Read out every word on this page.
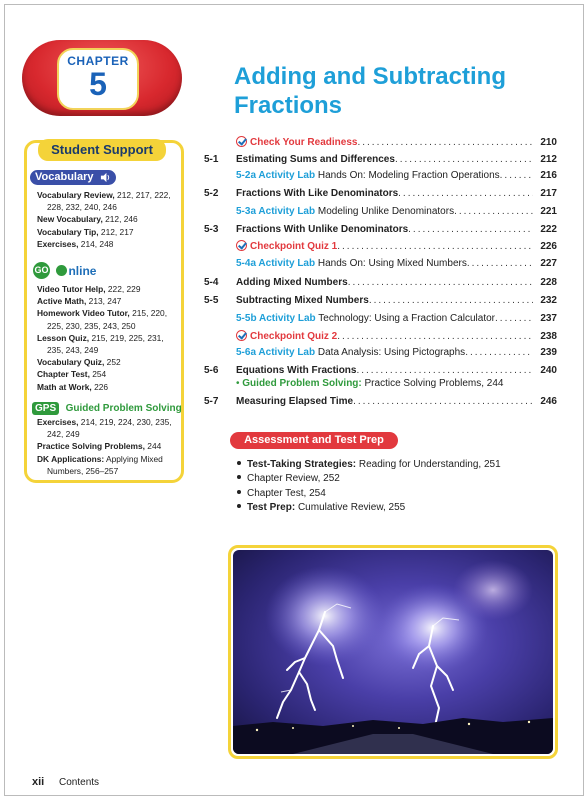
CHAPTER
5	Adding and Subtracting
Fractions
Student Support
Vocabulary
Vocabulary Review, 212, 217, 222,
228, 232, 240, 246
New Vocabulary, 212, 246
Vocabulary Tip, 212, 217
Exercises, 214, 248
GO nline
Video Tutor Help, 222, 229
Active Math, 213, 247
Homework Video Tutor, 215, 220,
225, 230, 235, 243, 250
Lesson Quiz, 215, 219, 225, 231,
235, 243, 249
Vocabulary Quiz, 252
Chapter Test, 254
Math at Work, 226
GPS Guided Problem Solving
Exercises, 214, 219, 224, 230, 235,
242, 249
Practice Solving Problems, 244
DK Applications: Applying Mixed
Numbers, 256–257
Check Your Readiness .....	210
5-1	Estimating Sums and Differences .....	212
5-2a Activity Lab Hands On: Modeling Fraction Operations .....	216
5-2	Fractions With Like Denominators .....	217
5-3a Activity Lab Modeling Unlike Denominators .....	221
5-3	Fractions With Unlike Denominators .....	222
Checkpoint Quiz 1 .....	226
5-4a Activity Lab Hands On: Using Mixed Numbers .....	227
5-4	Adding Mixed Numbers .....	228
5-5	Subtracting Mixed Numbers .....	232
5-5b Activity Lab Technology: Using a Fraction Calculator .....	237
Checkpoint Quiz 2 .....	238
5-6a Activity Lab Data Analysis: Using Pictographs .....	239
5-6	Equations With Fractions .....	240
• Guided Problem Solving: Practice Solving Problems, 244
5-7	Measuring Elapsed Time .....	246
Assessment and Test Prep
Test-Taking Strategies: Reading for Understanding, 251
Chapter Review, 252
Chapter Test, 254
Test Prep: Cumulative Review, 255
xii Contents
